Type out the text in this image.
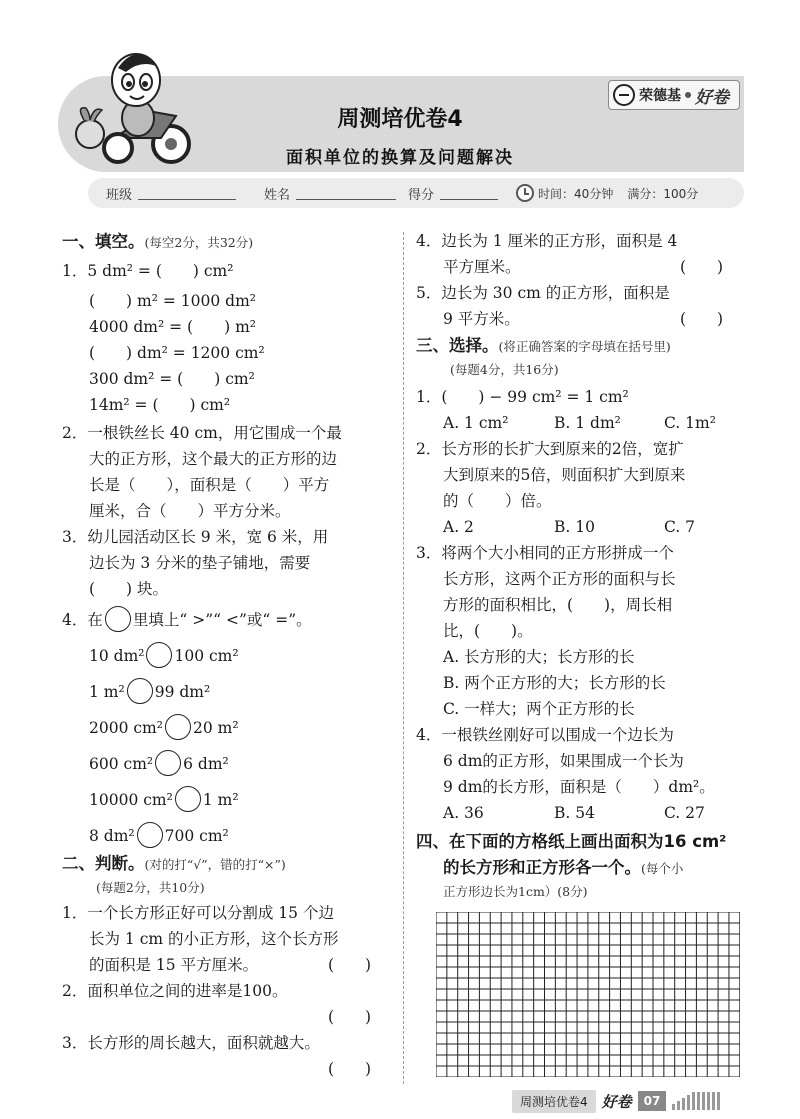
荣德基 好卷
周测培优卷4
面积单位的换算及问题解决
班级	姓名	得分	时间：40分钟 满分：100分
一、填空。(每空2分，共32分)
1．5 dm² = (　　) cm²
(　　) m² = 1000 dm²
4000 dm² = (　　) m²
(　　) dm² = 1200 cm²
300 dm² = (　　) cm²
14m² = (　　) cm²
2．一根铁丝长 40 cm，用它围成一个最
大的正方形，这个最大的正方形的边
长是（　　），面积是（　　）平方
厘米，合（　　）平方分米。
3．幼儿园活动区长 9 米，宽 6 米，用
边长为 3 分米的垫子铺地，需要
(　　) 块。
4．在 里填上“ >”“ <”或“ =”。
10 dm² 100 cm²
1 m² 99 dm²
2000 cm² 20 m²
600 cm² 6 dm²
10000 cm² 1 m²
8 dm² 700 cm²
二、判断。(对的打“√”，错的打“×”)
(每题2分，共10分)
1．一个长方形正好可以分割成 15 个边
长为 1 cm 的小正方形，这个长方形
的面积是 15 平方厘米。	(　　)
2．面积单位之间的进率是100。
(　　)
3．长方形的周长越大，面积就越大。
(　　)
4．边长为 1 厘米的正方形，面积是 4
平方厘米。	(　　)
5．边长为 30 cm 的正方形，面积是
9 平方米。	(　　)
三、选择。(将正确答案的字母填在括号里)
(每题4分，共16分)
1．(　　) − 99 cm² = 1 cm²
A. 1 cm²	B. 1 dm²	C. 1m²
2．长方形的长扩大到原来的2倍，宽扩
大到原来的5倍，则面积扩大到原来
的（　　）倍。
A. 2	B. 10	C. 7
3．将两个大小相同的正方形拼成一个
长方形，这两个正方形的面积与长
方形的面积相比，(　　)，周长相
比，(　　)。
A. 长方形的大；长方形的长
B. 两个正方形的大；长方形的长
C. 一样大；两个正方形的长
4．一根铁丝刚好可以围成一个边长为
6 dm的正方形，如果围成一个长为
9 dm的长方形，面积是（　　）dm²。
A. 36	B. 54	C. 27
四、在下面的方格纸上画出面积为16 cm²
的长方形和正方形各一个。(每个小
正方形边长为1cm）(8分)
周测培优卷4 好卷	07
